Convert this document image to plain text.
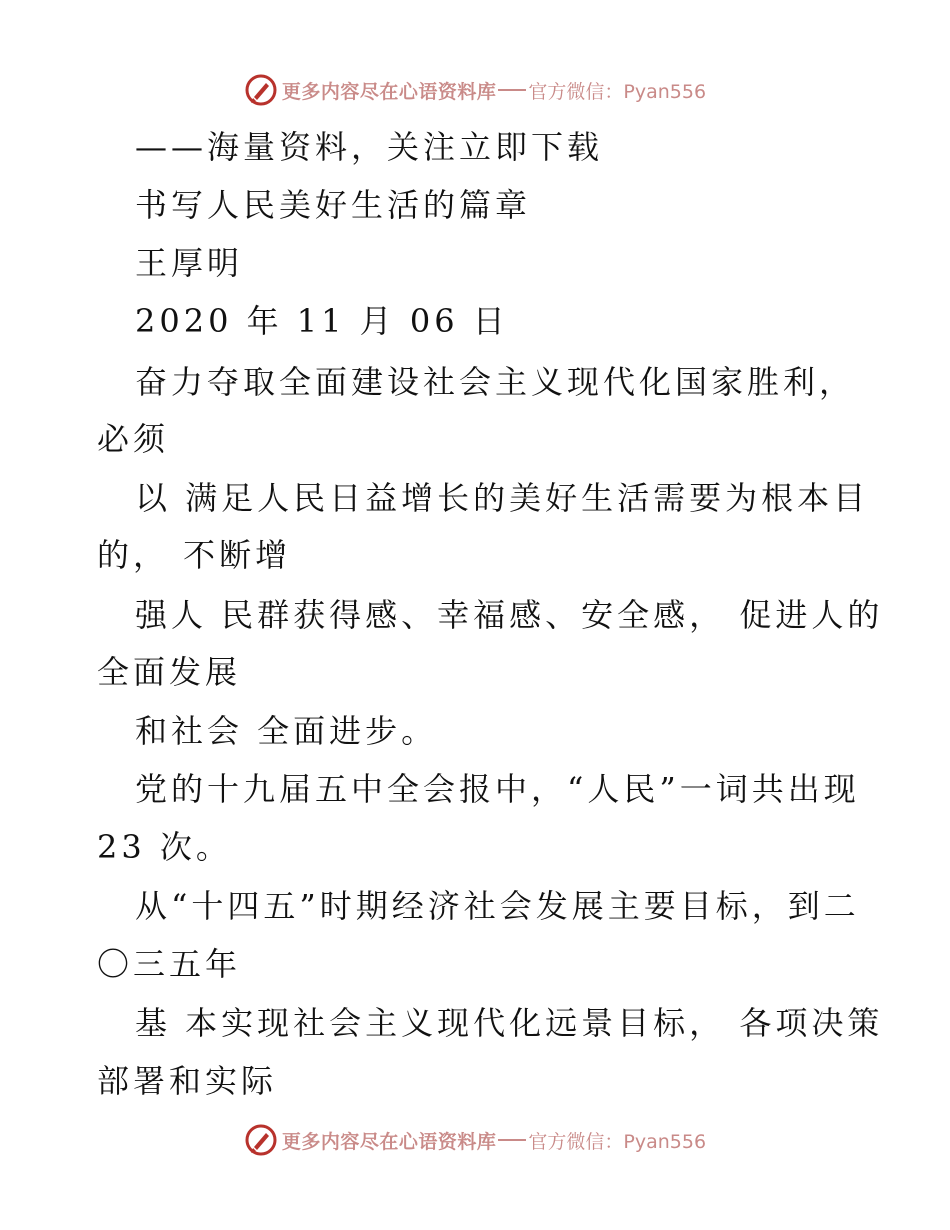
更多内容尽在心语资料库 官方微信：Pyan556

——海量资料，关注立即下载

书写人民美好生活的篇章

王厚明

2020 年 11 月 06 日

奋力夺取全面建设社会主义现代化国家胜利，

必须

以 满足人民日益增长的美好生活需要为根本目

的， 不断增

强人 民群获得感、幸福感、安全感， 促进人的

全面发展

和社会 全面进步。

党的十九届五中全会报中，“人民”一词共出现

23 次。

从“十四五”时期经济社会发展主要目标，到二

〇三五年

基 本实现社会主义现代化远景目标， 各项决策

部署和实际

更多内容尽在心语资料库 官方微信：Pyan556
